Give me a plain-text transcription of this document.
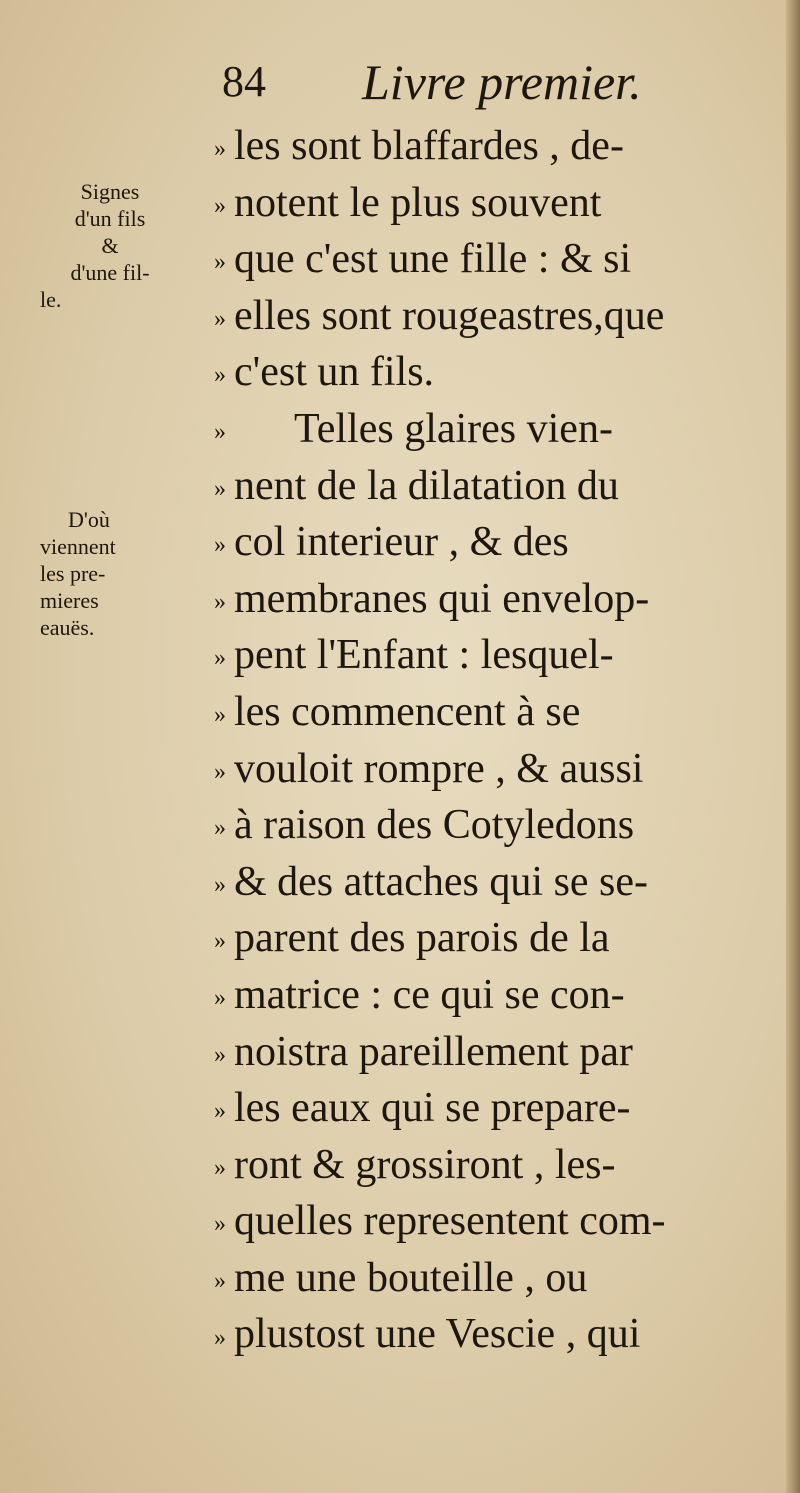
84 Livre premier.
Signes
d'un fils
&
d'une fil-
le.
D'où
viennent
les pre-
mieres
eauës.
» les sont blaffardes , de-
» notent le plus souvent
» que c'est une fille : & si
» elles sont rougeastres,que
» c'est un fils.
» Telles glaires vien-
» nent de la dilatation du
» col interieur , & des
» membranes qui envelop-
» pent l'Enfant : lesquel-
» les commencent à se
» vouloit rompre , & aussi
» à raison des Cotyledons
» & des attaches qui se se-
» parent des parois de la
» matrice : ce qui se con-
» noistra pareillement par
» les eaux qui se prepare-
» ront & grossiront , les-
» quelles representent com-
» me une bouteille , ou
» plustost une Vescie , qui
